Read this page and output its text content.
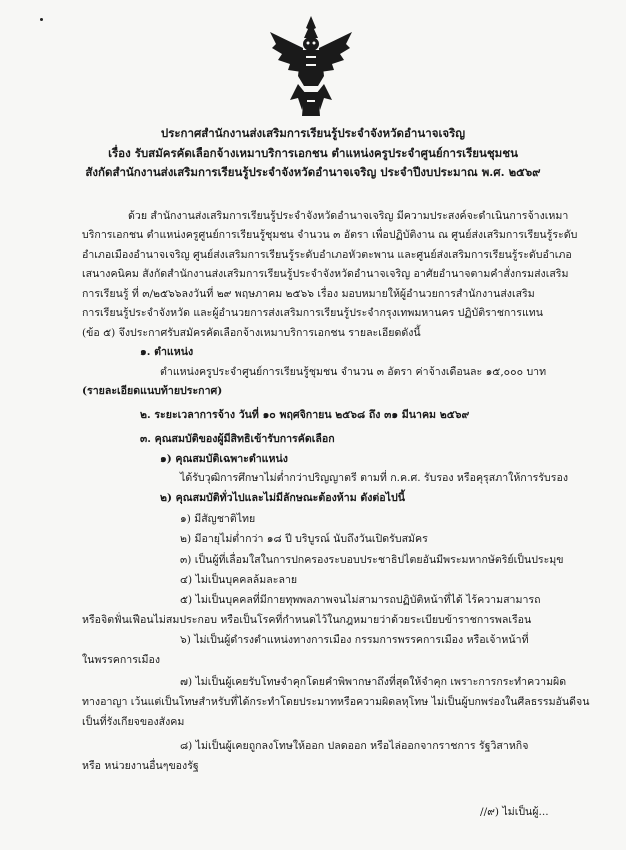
ประกาศสำนักงานส่งเสริมการเรียนรู้ประจำจังหวัดอำนาจเจริญ
เรื่อง รับสมัครคัดเลือกจ้างเหมาบริการเอกชน ตำแหน่งครูประจำศูนย์การเรียนชุมชน
สังกัดสำนักงานส่งเสริมการเรียนรู้ประจำจังหวัดอำนาจเจริญ ประจำปีงบประมาณ พ.ศ. ๒๕๖๙
ด้วย สำนักงานส่งเสริมการเรียนรู้ประจำจังหวัดอำนาจเจริญ มีความประสงค์จะดำเนินการจ้างเหมา
บริการเอกชน ตำแหน่งครูศูนย์การเรียนรู้ชุมชน จำนวน ๓ อัตรา เพื่อปฏิบัติงาน ณ ศูนย์ส่งเสริมการเรียนรู้ระดับ
อำเภอเมืองอำนาจเจริญ ศูนย์ส่งเสริมการเรียนรู้ระดับอำเภอหัวตะพาน และศูนย์ส่งเสริมการเรียนรู้ระดับอำเภอ
เสนางคนิคม สังกัดสำนักงานส่งเสริมการเรียนรู้ประจำจังหวัดอำนาจเจริญ อาศัยอำนาจตามคำสั่งกรมส่งเสริม
การเรียนรู้ ที่ ๓/๒๕๖๖ลงวันที่ ๒๙ พฤษภาคม ๒๕๖๖ เรื่อง มอบหมายให้ผู้อำนวยการสำนักงานส่งเสริม
การเรียนรู้ประจำจังหวัด และผู้อำนวยการส่งเสริมการเรียนรู้ประจำกรุงเทพมหานคร ปฏิบัติราชการแทน
(ข้อ ๕) จึงประกาศรับสมัครคัดเลือกจ้างเหมาบริการเอกชน รายละเอียดดังนี้
๑. ตำแหน่ง
ตำแหน่งครูประจำศูนย์การเรียนรู้ชุมชน จำนวน ๓ อัตรา ค่าจ้างเดือนละ ๑๕,๐๐๐ บาท
(รายละเอียดแนบท้ายประกาศ)
๒. ระยะเวลาการจ้าง วันที่ ๑๐ พฤศจิกายน ๒๕๖๘ ถึง ๓๑ มีนาคม ๒๕๖๙
๓. คุณสมบัติของผู้มีสิทธิเข้ารับการคัดเลือก
๑) คุณสมบัติเฉพาะตำแหน่ง
ได้รับวุฒิการศึกษาไม่ต่ำกว่าปริญญาตรี ตามที่ ก.ค.ศ. รับรอง หรือคุรุสภาให้การรับรอง
๒) คุณสมบัติทั่วไปและไม่มีลักษณะต้องห้าม ดังต่อไปนี้
๑) มีสัญชาติไทย
๒) มีอายุไม่ต่ำกว่า ๑๘ ปี บริบูรณ์ นับถึงวันเปิดรับสมัคร
๓) เป็นผู้ที่เลื่อมใสในการปกครองระบอบประชาธิปไตยอันมีพระมหากษัตริย์เป็นประมุข
๔) ไม่เป็นบุคคลล้มละลาย
๕) ไม่เป็นบุคคลที่มีกายทุพพลภาพจนไม่สามารถปฏิบัติหน้าที่ได้ ไร้ความสามารถ
หรือจิตฟั่นเฟือนไม่สมประกอบ หรือเป็นโรคที่กำหนดไว้ในกฎหมายว่าด้วยระเบียบข้าราชการพลเรือน
๖) ไม่เป็นผู้ดำรงตำแหน่งทางการเมือง กรรมการพรรคการเมือง หรือเจ้าหน้าที่
ในพรรคการเมือง
๗) ไม่เป็นผู้เคยรับโทษจำคุกโดยคำพิพากษาถึงที่สุดให้จำคุก เพราะการกระทำความผิด
ทางอาญา เว้นแต่เป็นโทษสำหรับที่ได้กระทำโดยประมาทหรือความผิดลหุโทษ ไม่เป็นผู้บกพร่องในศีลธรรมอันดีจน
เป็นที่รังเกียจของสังคม
๘) ไม่เป็นผู้เคยถูกลงโทษให้ออก ปลดออก หรือไล่ออกจากราชการ รัฐวิสาหกิจ
หรือ หน่วยงานอื่นๆของรัฐ
//๙) ไม่เป็นผู้...
